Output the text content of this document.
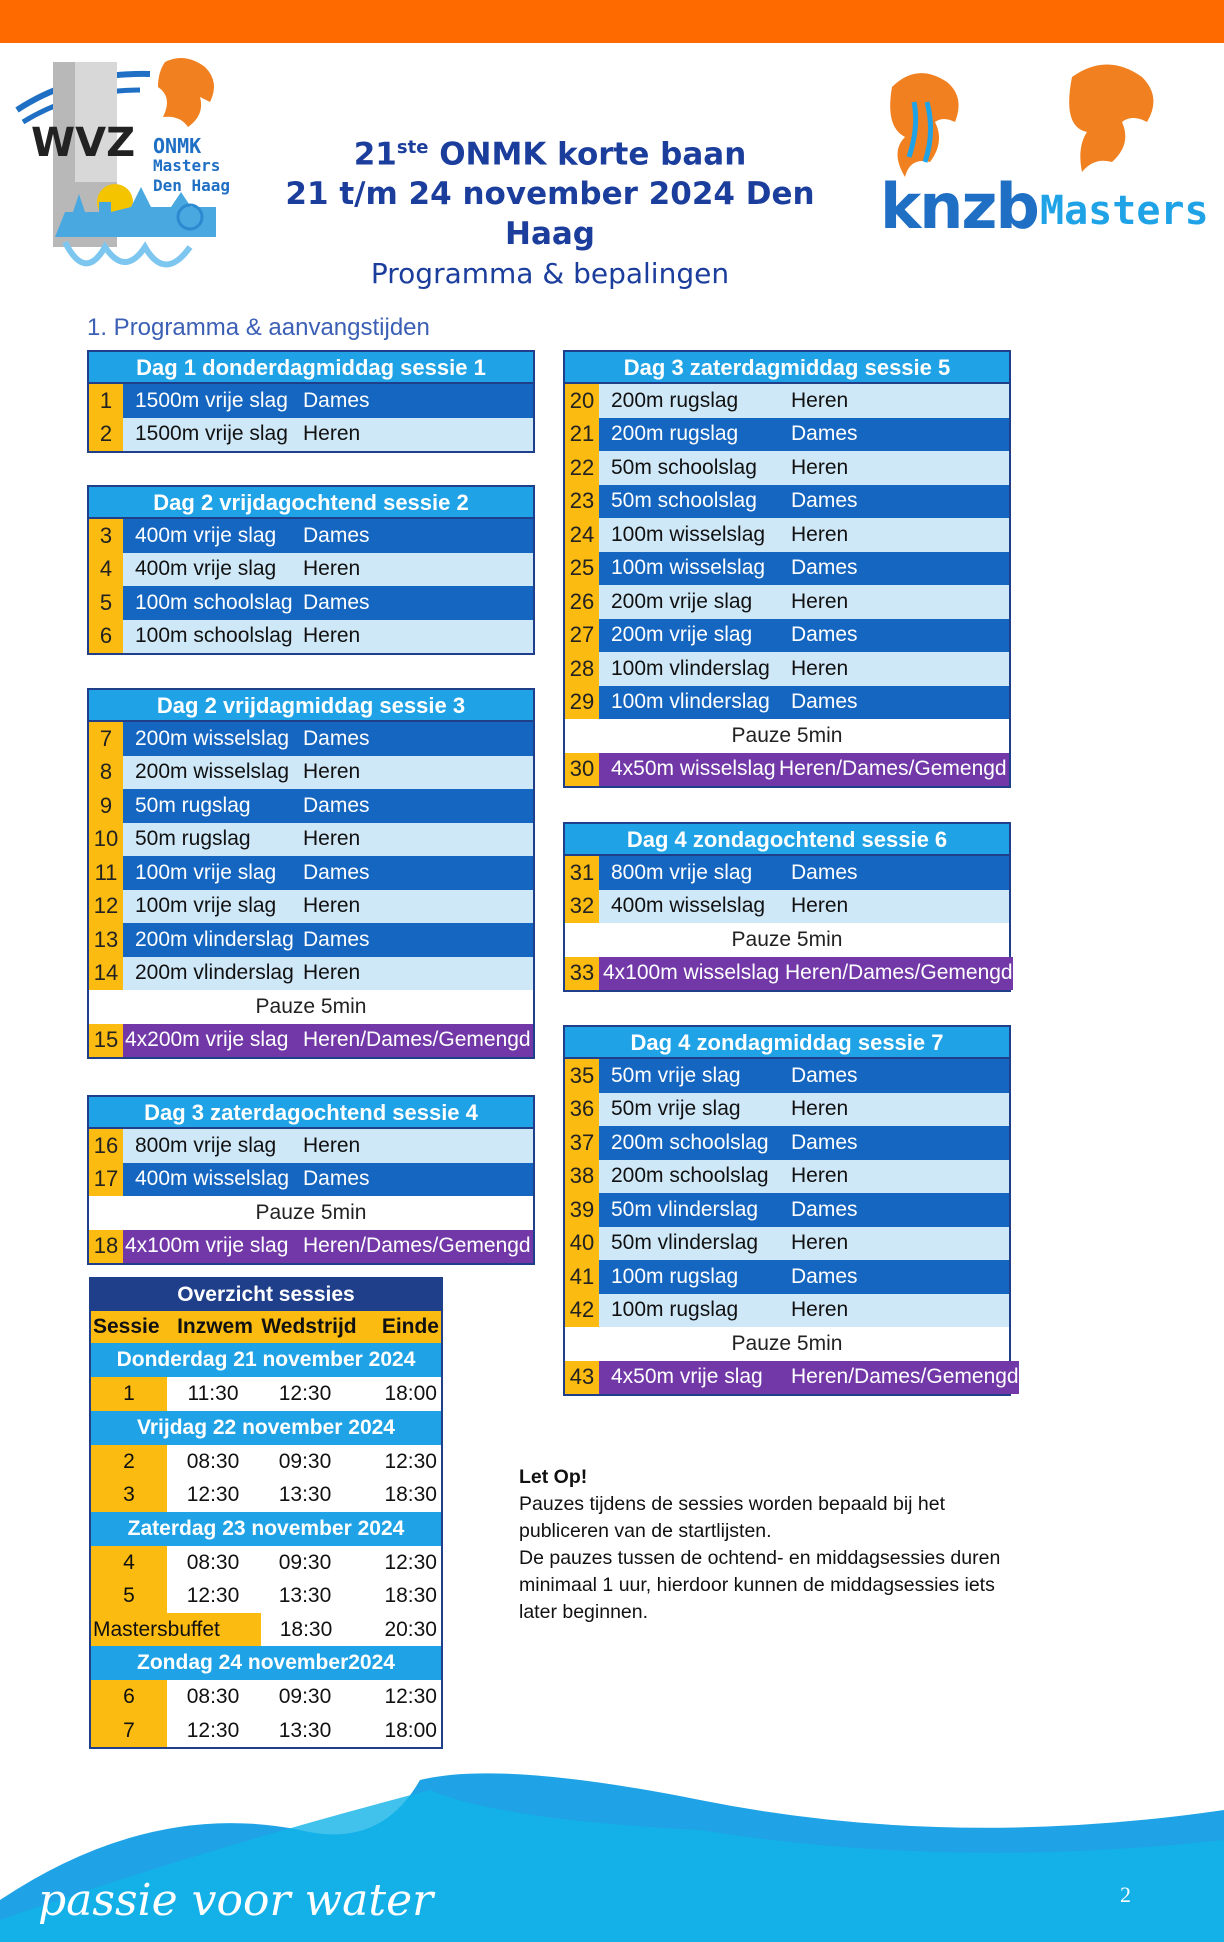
WVZ ONMK
Masters
Den Haag
21ste ONMK korte baan
21 t/m 24 november 2024 Den Haag
Programma & bepalingen
knzb Masters
1. Programma & aanvangstijden
Dag 1 donderdagmiddag sessie 1
1	1500m vrije slag Dames
2	1500m vrije slag Heren
Dag 2 vrijdagochtend sessie 2
3	400m vrije slag	Dames
4	400m vrije slag	Heren
5	100m schoolslag Dames
6	100m schoolslag Heren
Dag 2 vrijdagmiddag sessie 3
7	200m wisselslag Dames
8	200m wisselslag Heren
9	50m rugslag	Dames
10 50m rugslag	Heren
11 100m vrije slag	Dames
12 100m vrije slag	Heren
13 200m vlinderslag Dames
14 200m vlinderslag Heren
Pauze 5min
15 4x200m vrije slag Heren/Dames/Gemengd
Dag 3 zaterdagochtend sessie 4
16 800m vrije slag	Heren
17 400m wisselslag Dames
Pauze 5min
18 4x100m vrije slag Heren/Dames/Gemengd
Dag 3 zaterdagmiddag sessie 5
20 200m rugslag	Heren
21 200m rugslag	Dames
22 50m schoolslag	Heren
23 50m schoolslag	Dames
24 100m wisselslag	Heren
25 100m wisselslag	Dames
26 200m vrije slag	Heren
27 200m vrije slag	Dames
28 100m vlinderslag	Heren
29 100m vlinderslag	Dames
Pauze 5min
30 4x50m wisselslag Heren/Dames/Gemengd
Dag 4 zondagochtend sessie 6
31 800m vrije slag	Dames
32 400m wisselslag	Heren
Pauze 5min
33 4x100m wisselslag Heren/Dames/Gemengd
Dag 4 zondagmiddag sessie 7
35 50m vrije slag	Dames
36 50m vrije slag	Heren
37 200m schoolslag	Dames
38 200m schoolslag	Heren
39 50m vlinderslag	Dames
40 50m vlinderslag	Heren
41 100m rugslag	Dames
42 100m rugslag	Heren
Pauze 5min
43 4x50m vrije slag	Heren/Dames/Gemengd
Overzicht sessies
Sessie Inzwem Wedstrijd	Einde
Donderdag 21 november 2024
1	11:30	12:30	18:00
Vrijdag 22 november 2024
2	08:30	09:30	12:30
3	12:30	13:30	18:30
Zaterdag 23 november 2024
4	08:30	09:30	12:30
5	12:30	13:30	18:30
Mastersbuffet	18:30	20:30
Zondag 24 november2024
6	08:30	09:30	12:30
7	12:30	13:30	18:00
Let Op!
Pauzes tijdens de sessies worden bepaald bij het
publiceren van de startlijsten.
De pauzes tussen de ochtend- en middagsessies duren
minimaal 1 uur, hierdoor kunnen de middagsessies iets
later beginnen.
passie voor water	2
